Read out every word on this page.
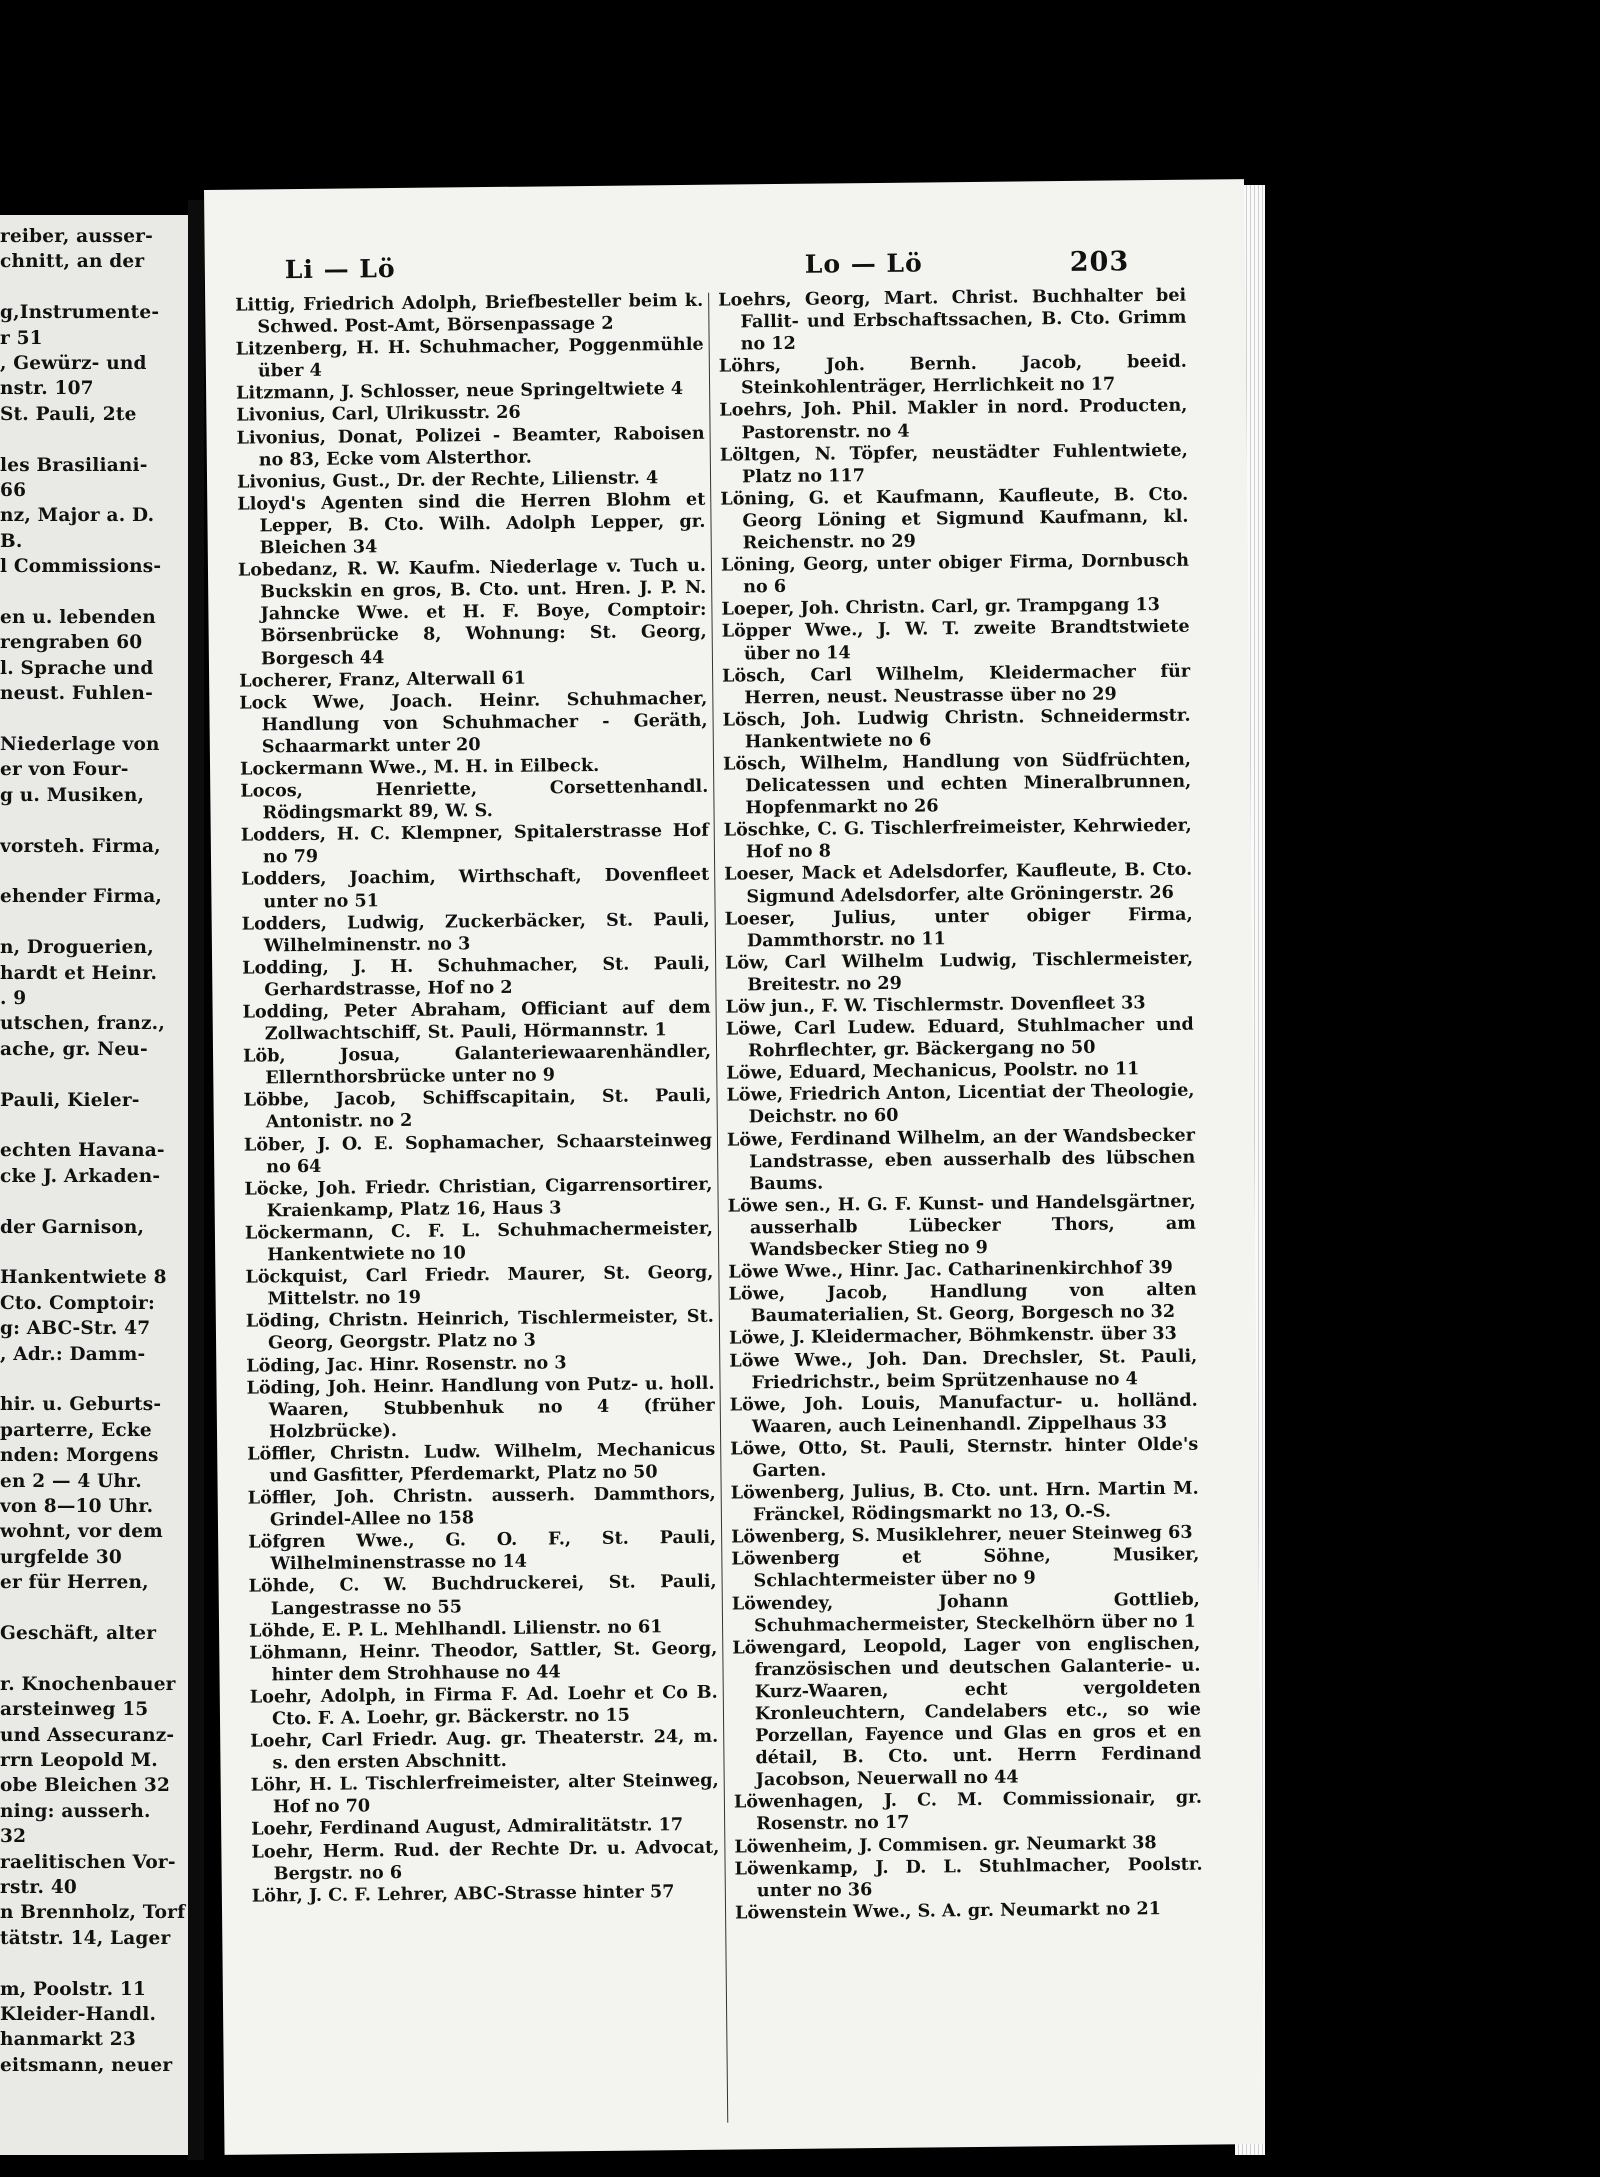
reiber, ausser-
chnitt, an der
g,Instrumente-
r 51
, Gewürz- und
nstr. 107
St. Pauli, 2te
les Brasiliani-
66
nz, Major a. D.
B.
l Commissions-
en u. lebenden
rengraben 60
l. Sprache und
neust. Fuhlen-
Niederlage von
er von Four-
g u. Musiken,
vorsteh. Firma,
ehender Firma,
n, Droguerien,
hardt et Heinr.
. 9
utschen, franz.,
ache, gr. Neu-
Pauli, Kieler-
echten Havana-
cke J. Arkaden-
der Garnison,
Hankentwiete 8
Cto. Comptoir:
g: ABC-Str. 47
, Adr.: Damm-
hir. u. Geburts-
parterre, Ecke
nden: Morgens
en 2 — 4 Uhr.
von 8—10 Uhr.
wohnt, vor dem
urgfelde 30
er für Herren,
Geschäft, alter
r. Knochenbauer
arsteinweg 15
und Assecuranz-
rrn Leopold M.
obe Bleichen 32
ning: ausserh.
32
raelitischen Vor-
rstr. 40
n Brennholz, Torf
tätstr. 14, Lager
m, Poolstr. 11
Kleider-Handl.
hanmarkt 23
eitsmann, neuer
Li — Lö	Lo — Lö	203

Littig, Friedrich Adolph, Briefbesteller beim k. Schwed. Post-Amt, Börsenpassage 2

Litzenberg, H. H. Schuhmacher, Poggenmühle über 4

Litzmann, J. Schlosser, neue Springeltwiete 4

Livonius, Carl, Ulrikusstr. 26

Livonius, Donat, Polizei - Beamter, Raboisen no 83, Ecke vom Alsterthor.

Livonius, Gust., Dr. der Rechte, Lilienstr. 4

Lloyd's Agenten sind die Herren Blohm et Lepper, B. Cto. Wilh. Adolph Lepper, gr. Bleichen 34

Lobedanz, R. W. Kaufm. Niederlage v. Tuch u. Buckskin en gros, B. Cto. unt. Hren. J. P. N. Jahncke Wwe. et H. F. Boye, Comptoir: Börsenbrücke 8, Wohnung: St. Georg, Borgesch 44

Locherer, Franz, Alterwall 61

Lock Wwe, Joach. Heinr. Schuhmacher, Handlung von Schuhmacher - Geräth, Schaarmarkt unter 20

Lockermann Wwe., M. H. in Eilbeck.

Locos, Henriette, Corsettenhandl. Rödingsmarkt 89, W. S.

Lodders, H. C. Klempner, Spitalerstrasse Hof no 79

Lodders, Joachim, Wirthschaft, Dovenfleet unter no 51

Lodders, Ludwig, Zuckerbäcker, St. Pauli, Wilhelminenstr. no 3

Lodding, J. H. Schuhmacher, St. Pauli, Gerhardstrasse, Hof no 2

Lodding, Peter Abraham, Officiant auf dem Zollwachtschiff, St. Pauli, Hörmannstr. 1

Löb, Josua, Galanteriewaarenhändler, Ellernthorsbrücke unter no 9

Löbbe, Jacob, Schiffscapitain, St. Pauli, Antonistr. no 2

Löber, J. O. E. Sophamacher, Schaarsteinweg no 64

Löcke, Joh. Friedr. Christian, Cigarrensortirer, Kraienkamp, Platz 16, Haus 3

Löckermann, C. F. L. Schuhmachermeister, Hankentwiete no 10

Löckquist, Carl Friedr. Maurer, St. Georg, Mittelstr. no 19

Löding, Christn. Heinrich, Tischlermeister, St. Georg, Georgstr. Platz no 3

Löding, Jac. Hinr. Rosenstr. no 3

Löding, Joh. Heinr. Handlung von Putz- u. holl. Waaren, Stubbenhuk no 4 (früher Holzbrücke).

Löffler, Christn. Ludw. Wilhelm, Mechanicus und Gasfitter, Pferdemarkt, Platz no 50

Löffler, Joh. Christn. ausserh. Dammthors, Grindel-Allee no 158

Löfgren Wwe., G. O. F., St. Pauli, Wilhelminenstrasse no 14

Löhde, C. W. Buchdruckerei, St. Pauli, Langestrasse no 55

Löhde, E. P. L. Mehlhandl. Lilienstr. no 61

Löhmann, Heinr. Theodor, Sattler, St. Georg, hinter dem Strohhause no 44

Loehr, Adolph, in Firma F. Ad. Loehr et Co B. Cto. F. A. Loehr, gr. Bäckerstr. no 15

Loehr, Carl Friedr. Aug. gr. Theaterstr. 24, m. s. den ersten Abschnitt.

Löhr, H. L. Tischlerfreimeister, alter Steinweg, Hof no 70

Loehr, Ferdinand August, Admiralitätstr. 17

Loehr, Herm. Rud. der Rechte Dr. u. Advocat, Bergstr. no 6

Löhr, J. C. F. Lehrer, ABC-Strasse hinter 57

Loehrs, Georg, Mart. Christ. Buchhalter bei Fallit- und Erbschaftssachen, B. Cto. Grimm no 12

Löhrs, Joh. Bernh. Jacob, beeid. Steinkohlenträger, Herrlichkeit no 17

Loehrs, Joh. Phil. Makler in nord. Producten, Pastorenstr. no 4

Löltgen, N. Töpfer, neustädter Fuhlentwiete, Platz no 117

Löning, G. et Kaufmann, Kaufleute, B. Cto. Georg Löning et Sigmund Kaufmann, kl. Reichenstr. no 29

Löning, Georg, unter obiger Firma, Dornbusch no 6

Loeper, Joh. Christn. Carl, gr. Trampgang 13

Löpper Wwe., J. W. T. zweite Brandtstwiete über no 14

Lösch, Carl Wilhelm, Kleidermacher für Herren, neust. Neustrasse über no 29

Lösch, Joh. Ludwig Christn. Schneidermstr. Hankentwiete no 6

Lösch, Wilhelm, Handlung von Südfrüchten, Delicatessen und echten Mineralbrunnen, Hopfenmarkt no 26

Löschke, C. G. Tischlerfreimeister, Kehrwieder, Hof no 8

Loeser, Mack et Adelsdorfer, Kaufleute, B. Cto. Sigmund Adelsdorfer, alte Gröningerstr. 26

Loeser, Julius, unter obiger Firma, Dammthorstr. no 11

Löw, Carl Wilhelm Ludwig, Tischlermeister, Breitestr. no 29

Löw jun., F. W. Tischlermstr. Dovenfleet 33

Löwe, Carl Ludew. Eduard, Stuhlmacher und Rohrflechter, gr. Bäckergang no 50

Löwe, Eduard, Mechanicus, Poolstr. no 11

Löwe, Friedrich Anton, Licentiat der Theologie, Deichstr. no 60

Löwe, Ferdinand Wilhelm, an der Wandsbecker Landstrasse, eben ausserhalb des lübschen Baums.

Löwe sen., H. G. F. Kunst- und Handelsgärtner, ausserhalb Lübecker Thors, am Wandsbecker Stieg no 9

Löwe Wwe., Hinr. Jac. Catharinenkirchhof 39

Löwe, Jacob, Handlung von alten Baumaterialien, St. Georg, Borgesch no 32

Löwe, J. Kleidermacher, Böhmkenstr. über 33

Löwe Wwe., Joh. Dan. Drechsler, St. Pauli, Friedrichstr., beim Sprützenhause no 4

Löwe, Joh. Louis, Manufactur- u. holländ. Waaren, auch Leinenhandl. Zippelhaus 33

Löwe, Otto, St. Pauli, Sternstr. hinter Olde's Garten.

Löwenberg, Julius, B. Cto. unt. Hrn. Martin M. Fränckel, Rödingsmarkt no 13, O.-S.

Löwenberg, S. Musiklehrer, neuer Steinweg 63

Löwenberg et Söhne, Musiker, Schlachtermeister über no 9

Löwendey, Johann Gottlieb, Schuhmachermeister, Steckelhörn über no 1

Löwengard, Leopold, Lager von englischen, französischen und deutschen Galanterie- u. Kurz-Waaren, echt vergoldeten Kronleuchtern, Candelabers etc., so wie Porzellan, Fayence und Glas en gros et en détail, B. Cto. unt. Herrn Ferdinand Jacobson, Neuerwall no 44

Löwenhagen, J. C. M. Commissionair, gr. Rosenstr. no 17

Löwenheim, J. Commisen. gr. Neumarkt 38

Löwenkamp, J. D. L. Stuhlmacher, Poolstr. unter no 36

Löwenstein Wwe., S. A. gr. Neumarkt no 21
